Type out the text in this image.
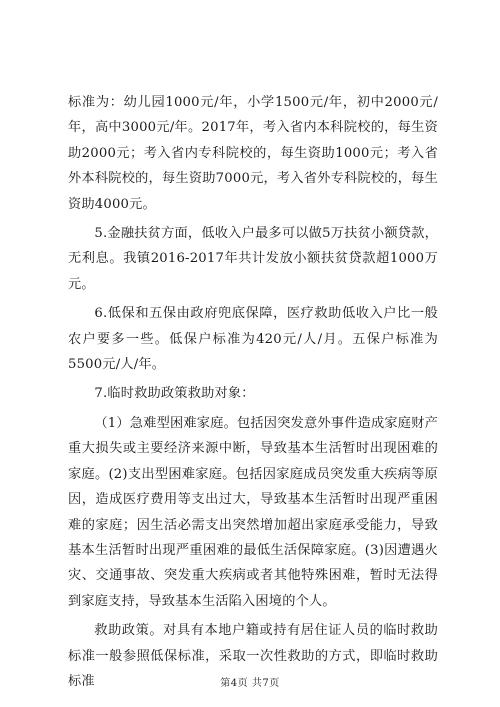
标准为：幼儿园1000元/年，小学1500元/年，初中2000元/年，高中3000元/年。2017年，考入省内本科院校的，每生资助2000元；考入省内专科院校的，每生资助1000元；考入省外本科院校的，每生资助7000元，考入省外专科院校的，每生资助4000元。

5.金融扶贫方面，低收入户最多可以做5万扶贫小额贷款，无利息。我镇2016-2017年共计发放小额扶贫贷款超1000万元。

6.低保和五保由政府兜底保障，医疗救助低收入户比一般农户要多一些。低保户标准为420元/人/月。五保户标准为5500元/人/年。

7.临时救助政策救助对象：

（1）急难型困难家庭。包括因突发意外事件造成家庭财产重大损失或主要经济来源中断，导致基本生活暂时出现困难的家庭。(2)支出型困难家庭。包括因家庭成员突发重大疾病等原因，造成医疗费用等支出过大，导致基本生活暂时出现严重困难的家庭；因生活必需支出突然增加超出家庭承受能力，导致基本生活暂时出现严重困难的最低生活保障家庭。(3)因遭遇火灾、交通事故、突发重大疾病或者其他特殊困难，暂时无法得到家庭支持，导致基本生活陷入困境的个人。

救助政策。对具有本地户籍或持有居住证人员的临时救助标准一般参照低保标准，采取一次性救助的方式，即临时救助标准	第4页 共7页
